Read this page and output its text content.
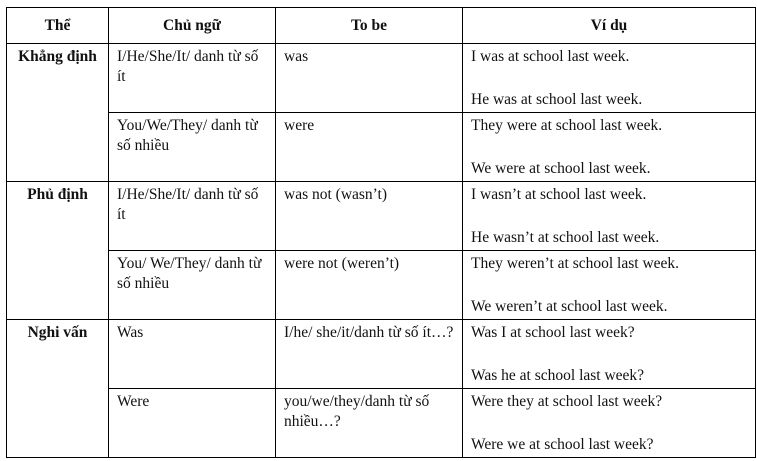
Thể	Chủ ngữ	To be	Ví dụ
Khẳng định	I/He/She/It/ danh từ số ít	was	I was at school last week.
He was at school last week.

	You/We/They/ danh từ số nhiều	were	They were at school last week.
We were at school last week.

Phủ định	I/He/She/It/ danh từ số ít	was not (wasn’t)	I wasn’t at school last week.
He wasn’t at school last week.

	You/ We/They/ danh từ số nhiều	were not (weren’t)	They weren’t at school last week.
We weren’t at school last week.

Nghi vấn	Was	I/he/ she/it/danh từ số ít…?	Was I at school last week?
Was he at school last week?

	Were	you/we/they/danh từ số nhiều…?	Were they at school last week?
Were we at school last week?
